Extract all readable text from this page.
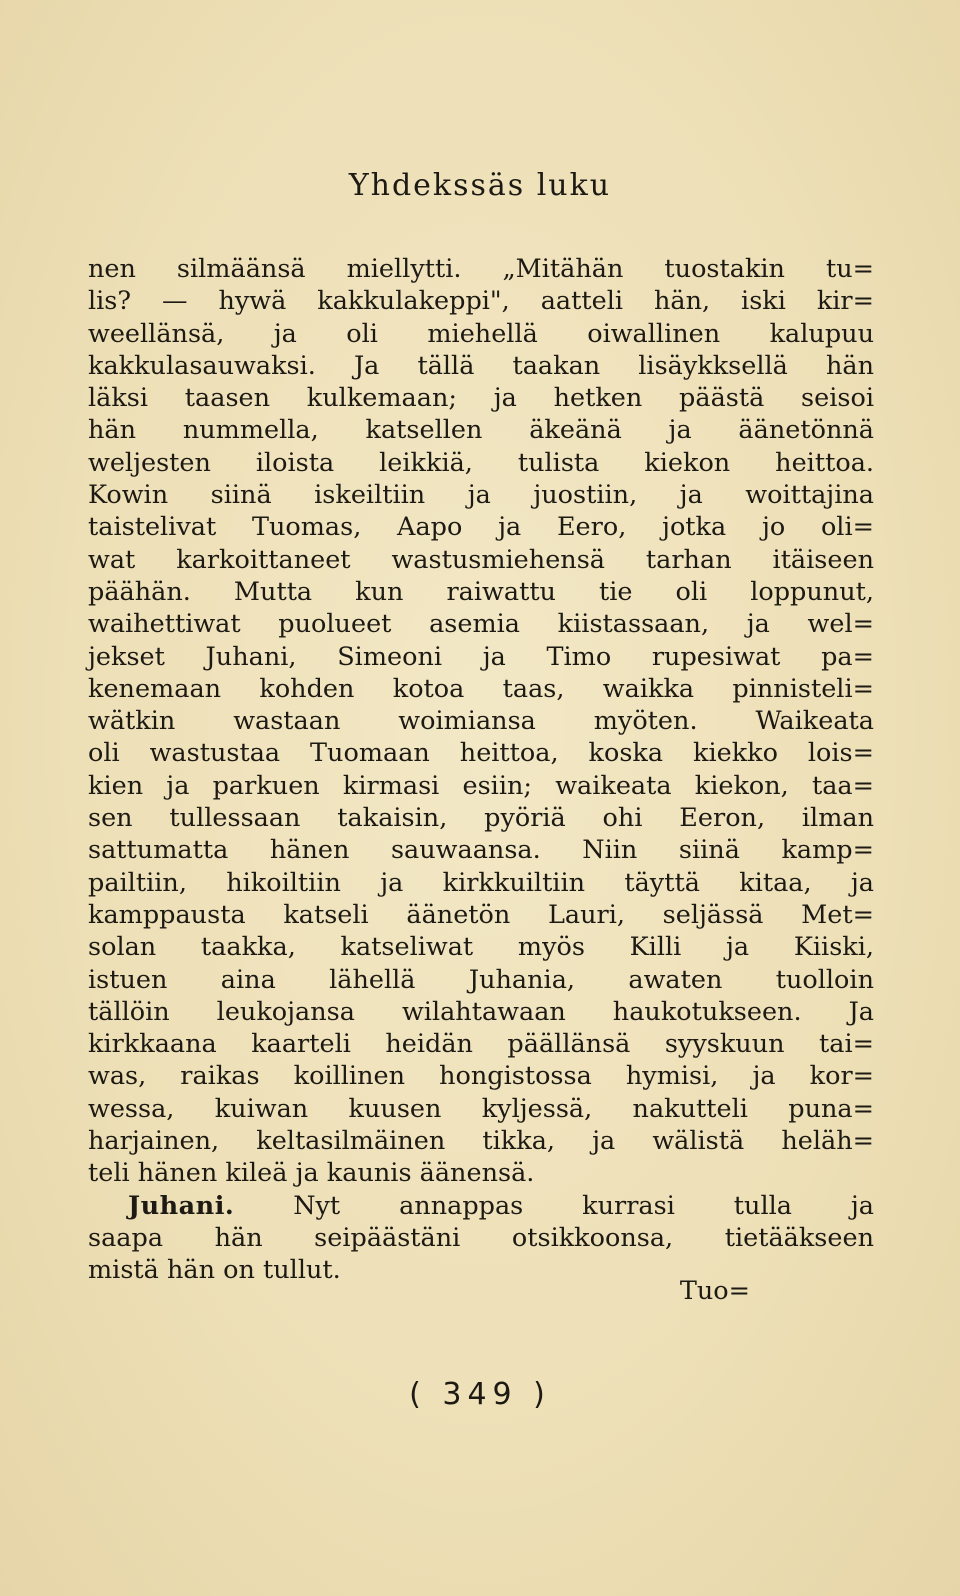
Yhdekssäs luku
nen silmäänsä miellytti. „Mitähän tuostakin tu=
lis? — hywä kakkulakeppi", aatteli hän, iski kir=
weellänsä, ja oli miehellä oiwallinen kalupuu
kakkulasauwaksi. Ja tällä taakan lisäykksellä hän
läksi taasen kulkemaan; ja hetken päästä seisoi
hän nummella, katsellen äkeänä ja äänetönnä
weljesten iloista leikkiä, tulista kiekon heittoa.
Kowin siinä iskeiltiin ja juostiin, ja woittajina
taistelivat Tuomas, Aapo ja Eero, jotka jo oli=
wat karkoittaneet wastusmiehensä tarhan itäiseen
päähän. Mutta kun raiwattu tie oli loppunut,
waihettiwat puolueet asemia kiistassaan, ja wel=
jekset Juhani, Simeoni ja Timo rupesiwat pa=
kenemaan kohden kotoa taas, waikka pinnisteli=
wätkin wastaan woimiansa myöten. Waikeata
oli wastustaa Tuomaan heittoa, koska kiekko lois=
kien ja parkuen kirmasi esiin; waikeata kiekon, taa=
sen tullessaan takaisin, pyöriä ohi Eeron, ilman
sattumatta hänen sauwaansa. Niin siinä kamp=
pailtiin, hikoiltiin ja kirkkuiltiin täyttä kitaa, ja
kamppausta katseli äänetön Lauri, seljässä Met=
solan taakka, katseliwat myös Killi ja Kiiski,
istuen aina lähellä Juhania, awaten tuolloin
tällöin leukojansa wilahtawaan haukotukseen. Ja
kirkkaana kaarteli heidän päällänsä syyskuun tai=
was, raikas koillinen hongistossa hymisi, ja kor=
wessa, kuiwan kuusen kyljessä, nakutteli puna=
harjainen, keltasilmäinen tikka, ja wälistä heläh=
teli hänen kileä ja kaunis äänensä.
Juhani. Nyt annappas kurrasi tulla ja
saapa hän seipäästäni otsikkoonsa, tietääkseen
mistä hän on tullut.
Tuo=
( 349 )
